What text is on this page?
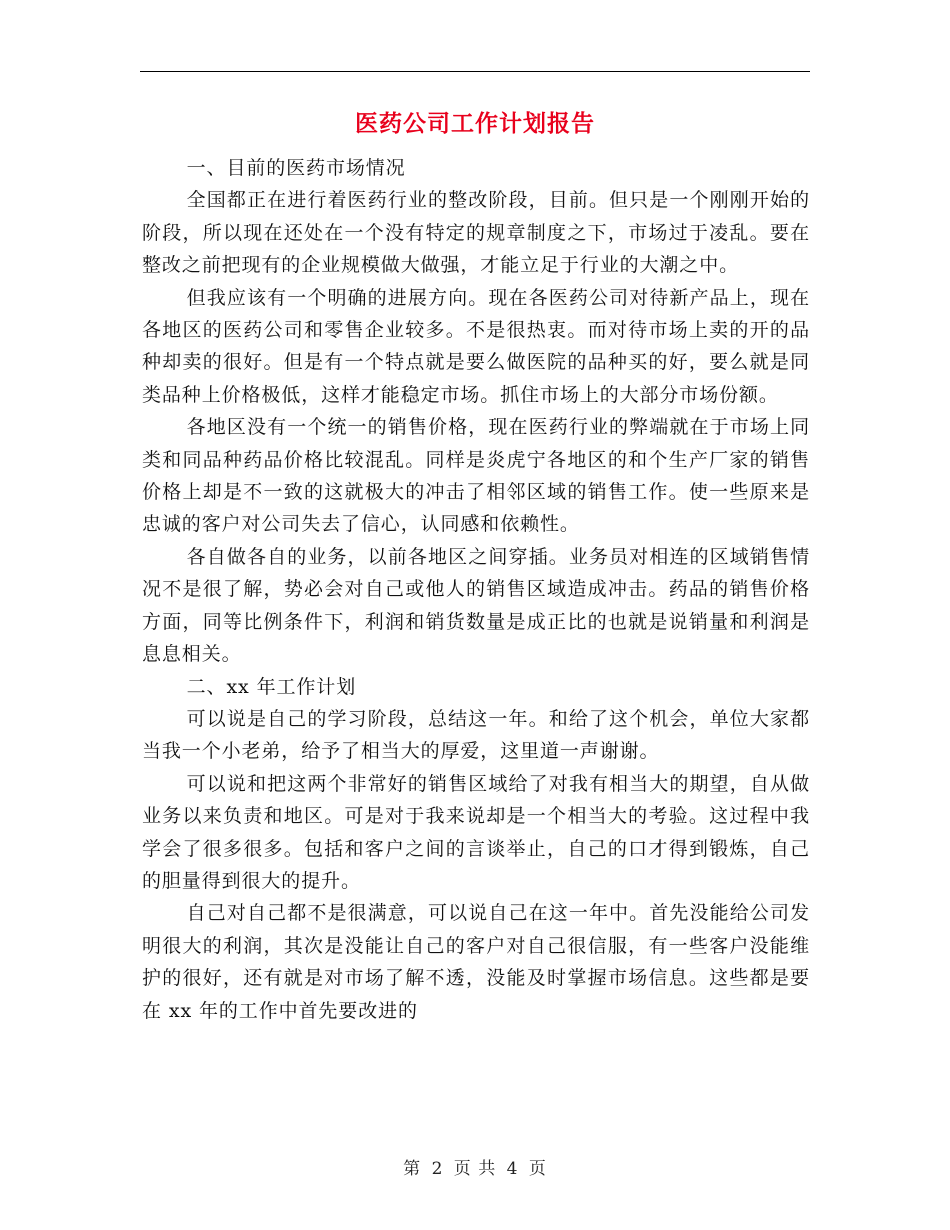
医药公司工作计划报告

一、目前的医药市场情况

全国都正在进行着医药行业的整改阶段，目前。但只是一个刚刚开始的阶段，所以现在还处在一个没有特定的规章制度之下，市场过于凌乱。要在整改之前把现有的企业规模做大做强，才能立足于行业的大潮之中。

但我应该有一个明确的进展方向。现在各医药公司对待新产品上，现在各地区的医药公司和零售企业较多。不是很热衷。而对待市场上卖的开的品种却卖的很好。但是有一个特点就是要么做医院的品种买的好，要么就是同类品种上价格极低，这样才能稳定市场。抓住市场上的大部分市场份额。

各地区没有一个统一的销售价格，现在医药行业的弊端就在于市场上同类和同品种药品价格比较混乱。同样是炎虎宁各地区的和个生产厂家的销售价格上却是不一致的这就极大的冲击了相邻区域的销售工作。使一些原来是忠诚的客户对公司失去了信心，认同感和依赖性。

各自做各自的业务，以前各地区之间穿插。业务员对相连的区域销售情况不是很了解，势必会对自己或他人的销售区域造成冲击。药品的销售价格方面，同等比例条件下，利润和销货数量是成正比的也就是说销量和利润是息息相关。

二、xx 年工作计划

可以说是自己的学习阶段，总结这一年。和给了这个机会，单位大家都当我一个小老弟，给予了相当大的厚爱，这里道一声谢谢。

可以说和把这两个非常好的销售区域给了对我有相当大的期望，自从做业务以来负责和地区。可是对于我来说却是一个相当大的考验。这过程中我学会了很多很多。包括和客户之间的言谈举止，自己的口才得到锻炼，自己的胆量得到很大的提升。

自己对自己都不是很满意，可以说自己在这一年中。首先没能给公司发明很大的利润，其次是没能让自己的客户对自己很信服，有一些客户没能维护的很好，还有就是对市场了解不透，没能及时掌握市场信息。这些都是要在 xx 年的工作中首先要改进的

第 2 页 共 4 页
